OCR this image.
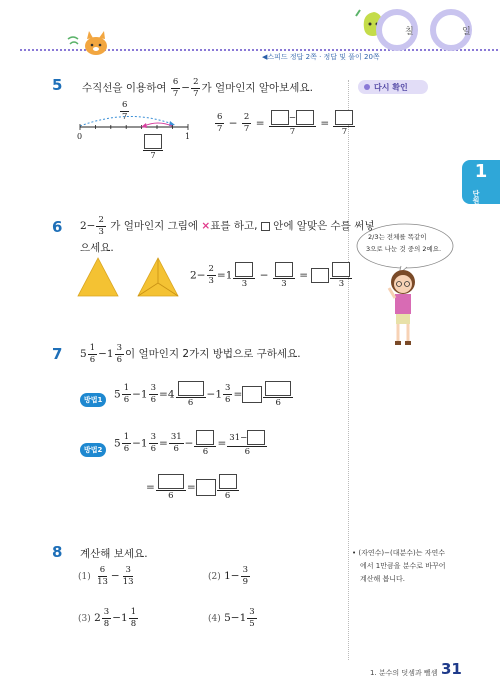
칠	일
◀스피드 정답 2쪽 · 정답 및 풀이 20쪽
다시 확인
1
단원
2/3는 전체를 똑같이
3으로 나눈 것 중의 2예요.
• (자연수)−(대분수)는 자연수
에서 1만큼을 분수로 바꾸어
계산해 봅니다.
5 수직선을 이용하여 $\frac{6}{7} - \frac{2}{7}$ 가 얼마인지 알아보세요.
$\frac{6}{7}$
0	1
7
$\frac{6}{7} - \frac{2}{7} = \frac{-}{7}$ =
7
6 $2- \frac{2}{3}$ 가 얼마인지 그림에 ×표를 하고, 안에 알맞은 수를 써넣
으세요.
$2- \frac{2}{3} =1$
3
−
3
=
3
7 $5 \frac{1}{6} -1 \frac{3}{6}$ 이 얼마인지 2가지 방법으로 구하세요.
방법1	$5 \frac{1}{6} -1 \frac{3}{6} =4$
6
$-1 \frac{3}{6}$ =
6
방법2
$5 \frac{1}{6} -1 \frac{3}{6} = \frac{31}{6}$ −
6
= $\frac{31-}{6}$
=
6
=
6
8 계산해 보세요.
$(1) \frac{6}{13} - \frac{3}{13}$	(2) $1- \frac{3}{9}$
(3) $2 \frac{3}{8} -1 \frac{1}{8}$	(4) $5-1 \frac{3}{5}$
1. 분수의 덧셈과 뺄셈 31
